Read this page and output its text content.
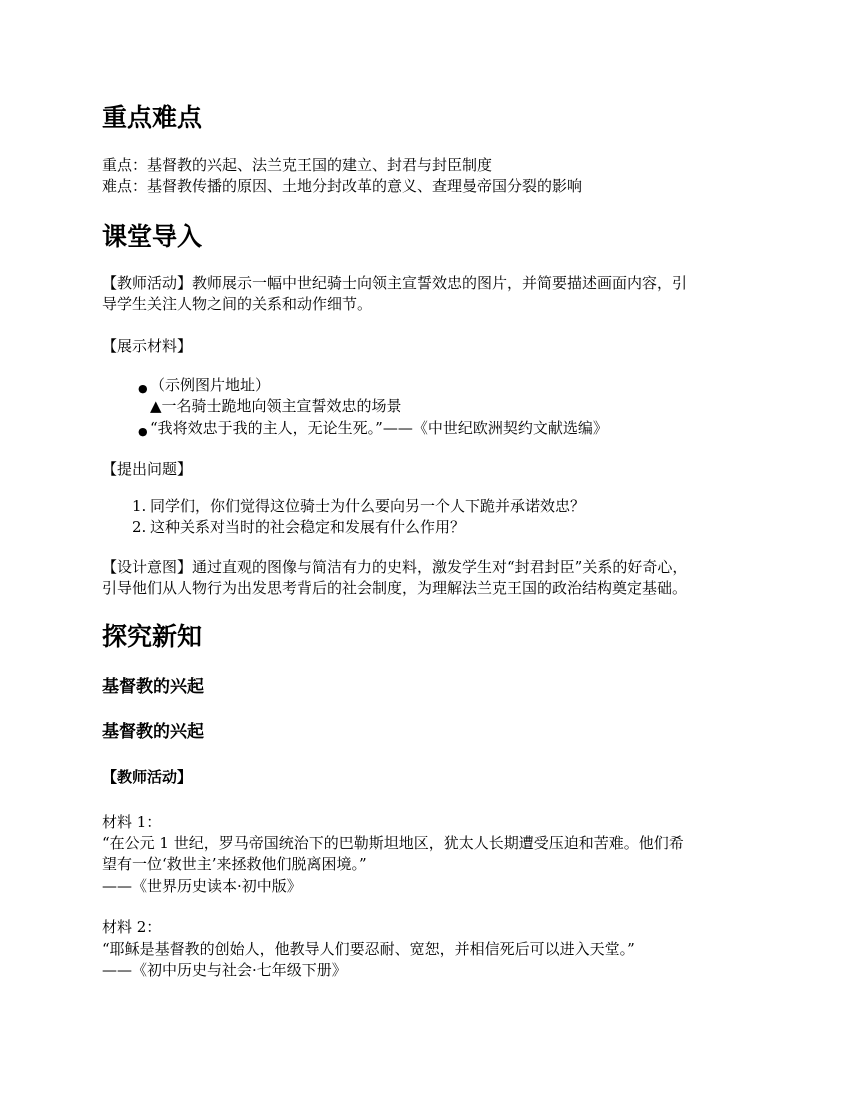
重点难点
重点：基督教的兴起、法兰克王国的建立、封君与封臣制度
难点：基督教传播的原因、土地分封改革的意义、查理曼帝国分裂的影响
课堂导入
【教师活动】教师展示一幅中世纪骑士向领主宣誓效忠的图片，并简要描述画面内容，引
导学生关注人物之间的关系和动作细节。
【展示材料】
● （示例图片地址）
▲一名骑士跪地向领主宣誓效忠的场景
● “我将效忠于我的主人，无论生死。”——《中世纪欧洲契约文献选编》
【提出问题】
1. 同学们，你们觉得这位骑士为什么要向另一个人下跪并承诺效忠？
2. 这种关系对当时的社会稳定和发展有什么作用？
【设计意图】通过直观的图像与简洁有力的史料，激发学生对“封君封臣”关系的好奇心，
引导他们从人物行为出发思考背后的社会制度，为理解法兰克王国的政治结构奠定基础。
探究新知
基督教的兴起
基督教的兴起
【教师活动】
材料 1：
“在公元 1 世纪，罗马帝国统治下的巴勒斯坦地区，犹太人长期遭受压迫和苦难。他们希
望有一位‘救世主’来拯救他们脱离困境。”
——《世界历史读本·初中版》
材料 2：
“耶稣是基督教的创始人，他教导人们要忍耐、宽恕，并相信死后可以进入天堂。”
——《初中历史与社会·七年级下册》
